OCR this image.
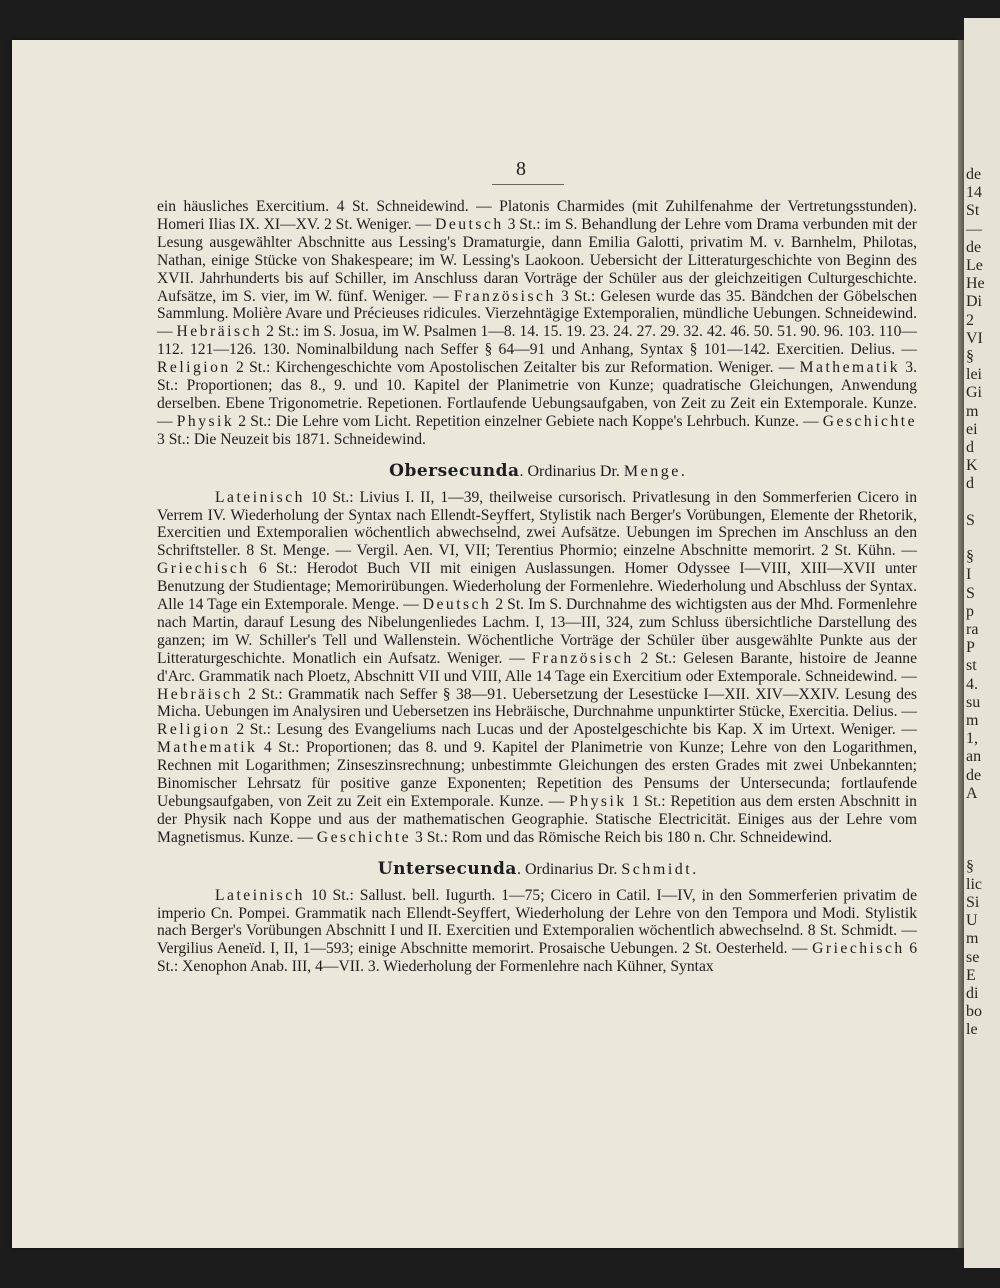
8

ein häusliches Exercitium. 4 St. Schneidewind. — Platonis Charmides (mit Zuhilfenahme der Vertretungsstunden). Homeri Ilias IX. XI—XV. 2 St. Weniger. — Deutsch 3 St.: im S. Behandlung der Lehre vom Drama verbunden mit der Lesung ausgewählter Abschnitte aus Lessing's Dramaturgie, dann Emilia Galotti, privatim M. v. Barnhelm, Philotas, Nathan, einige Stücke von Shakespeare; im W. Lessing's Laokoon. Uebersicht der Litteraturgeschichte von Beginn des XVII. Jahrhunderts bis auf Schiller, im Anschluss daran Vorträge der Schüler aus der gleichzeitigen Culturgeschichte. Aufsätze, im S. vier, im W. fünf. Weniger. — Französisch 3 St.: Gelesen wurde das 35. Bändchen der Göbelschen Sammlung. Molière Avare und Précieuses ridicules. Vierzehntägige Extemporalien, mündliche Uebungen. Schneidewind. — Hebräisch 2 St.: im S. Josua, im W. Psalmen 1—8. 14. 15. 19. 23. 24. 27. 29. 32. 42. 46. 50. 51. 90. 96. 103. 110—112. 121—126. 130. Nominalbildung nach Seffer § 64—91 und Anhang, Syntax § 101—142. Exercitien. Delius. — Religion 2 St.: Kirchengeschichte vom Apostolischen Zeitalter bis zur Reformation. Weniger. — Mathematik 3. St.: Proportionen; das 8., 9. und 10. Kapitel der Planimetrie von Kunze; quadratische Gleichungen, Anwendung derselben. Ebene Trigonometrie. Repetionen. Fortlaufende Uebungsaufgaben, von Zeit zu Zeit ein Extemporale. Kunze. — Physik 2 St.: Die Lehre vom Licht. Repetition einzelner Gebiete nach Koppe's Lehrbuch. Kunze. — Geschichte 3 St.: Die Neuzeit bis 1871. Schneidewind.

Obersecunda. Ordinarius Dr. Menge.

Lateinisch 10 St.: Livius I. II, 1—39, theilweise cursorisch. Privatlesung in den Sommerferien Cicero in Verrem IV. Wiederholung der Syntax nach Ellendt-Seyffert, Stylistik nach Berger's Vorübungen, Elemente der Rhetorik, Exercitien und Extemporalien wöchentlich abwechselnd, zwei Aufsätze. Uebungen im Sprechen im Anschluss an den Schriftsteller. 8 St. Menge. — Vergil. Aen. VI, VII; Terentius Phormio; einzelne Abschnitte memorirt. 2 St. Kühn. — Griechisch 6 St.: Herodot Buch VII mit einigen Auslassungen. Homer Odyssee I—VIII, XIII—XVII unter Benutzung der Studientage; Memorirübungen. Wiederholung der Formenlehre. Wiederholung und Abschluss der Syntax. Alle 14 Tage ein Extemporale. Menge. — Deutsch 2 St. Im S. Durchnahme des wichtigsten aus der Mhd. Formenlehre nach Martin, darauf Lesung des Nibelungenliedes Lachm. I, 13—III, 324, zum Schluss übersichtliche Darstellung des ganzen; im W. Schiller's Tell und Wallenstein. Wöchentliche Vorträge der Schüler über ausgewählte Punkte aus der Litteraturgeschichte. Monatlich ein Aufsatz. Weniger. — Französisch 2 St.: Gelesen Barante, histoire de Jeanne d'Arc. Grammatik nach Ploetz, Abschnitt VII und VIII, Alle 14 Tage ein Exercitium oder Extemporale. Schneidewind. — Hebräisch 2 St.: Grammatik nach Seffer § 38—91. Uebersetzung der Lesestücke I—XII. XIV—XXIV. Lesung des Micha. Uebungen im Analysiren und Uebersetzen ins Hebräische, Durchnahme unpunktirter Stücke, Exercitia. Delius. — Religion 2 St.: Lesung des Evangeliums nach Lucas und der Apostelgeschichte bis Kap. X im Urtext. Weniger. — Mathematik 4 St.: Proportionen; das 8. und 9. Kapitel der Planimetrie von Kunze; Lehre von den Logarithmen, Rechnen mit Logarithmen; Zinseszinsrechnung; unbestimmte Gleichungen des ersten Grades mit zwei Unbekannten; Binomischer Lehrsatz für positive ganze Exponenten; Repetition des Pensums der Untersecunda; fortlaufende Uebungsaufgaben, von Zeit zu Zeit ein Extemporale. Kunze. — Physik 1 St.: Repetition aus dem ersten Abschnitt in der Physik nach Koppe und aus der mathematischen Geographie. Statische Electricität. Einiges aus der Lehre vom Magnetismus. Kunze. — Geschichte 3 St.: Rom und das Römische Reich bis 180 n. Chr. Schneidewind.

Untersecunda. Ordinarius Dr. Schmidt.

Lateinisch 10 St.: Sallust. bell. Iugurth. 1—75; Cicero in Catil. I—IV, in den Sommerferien privatim de imperio Cn. Pompei. Grammatik nach Ellendt-Seyffert, Wiederholung der Lehre von den Tempora und Modi. Stylistik nach Berger's Vorübungen Abschnitt I und II. Exercitien und Extemporalien wöchentlich abwechselnd. 8 St. Schmidt. — Vergilius Aeneïd. I, II, 1—593; einige Abschnitte memorirt. Prosaische Uebungen. 2 St. Oesterheld. — Griechisch 6 St.: Xenophon Anab. III, 4—VII. 3. Wiederholung der Formenlehre nach Kühner, Syntax

de
14
St
—
de
Le
He
Di
2
VI
§
lei
Gi
m
ei
d
K
d
S
§
I
S
p
ra
P
st
4.
su
m
1,
an
de
A
§
lic
Si
U
m
se
E
di
bo
le
